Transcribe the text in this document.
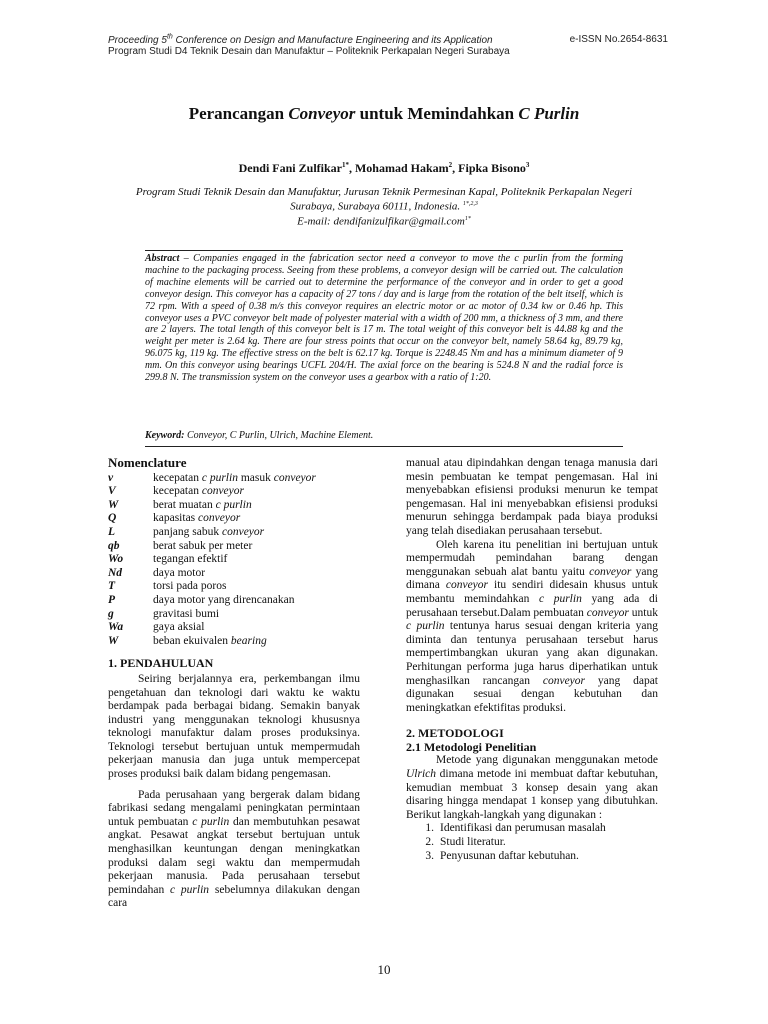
Proceeding 5th Conference on Design and Manufacture Engineering and its Application	e-ISSN No.2654-8631
Program Studi D4 Teknik Desain dan Manufaktur – Politeknik Perkapalan Negeri Surabaya
Perancangan Conveyor untuk Memindahkan C Purlin
Dendi Fani Zulfikar$^{1*}$, Mohamad Hakam$^2$, Fipka Bisono$^3$
Program Studi Teknik Desain dan Manufaktur, Jurusan Teknik Permesinan Kapal, Politeknik Perkapalan Negeri
Surabaya, Surabaya 60111, Indonesia. $^{1*,2,3}$
E-mail: dendifanizulfikar@gmail.com$^{1*}$
Abstract – Companies engaged in the fabrication sector need a conveyor to move the c purlin from the forming machine to the packaging process. Seeing from these problems, a conveyor design will be carried out. The calculation of machine elements will be carried out to determine the performance of the conveyor and in order to get a good conveyor design. This conveyor has a capacity of 27 tons / day and is large from the rotation of the belt itself, which is 72 rpm. With a speed of 0.38 m/s this conveyor requires an electric motor or ac motor of 0.34 kw or 0.46 hp. This conveyor uses a PVC conveyor belt made of polyester material with a width of 200 mm, a thickness of 3 mm, and there are 2 layers. The total length of this conveyor belt is 17 m. The total weight of this conveyor belt is 44.88 kg and the weight per meter is 2.64 kg. There are four stress points that occur on the conveyor belt, namely 58.64 kg, 89.79 kg, 96.075 kg, 119 kg. The effective stress on the belt is 62.17 kg. Torque is 2248.45 Nm and has a minimum diameter of 9 mm. On this conveyor using bearings UCFL 204/H. The axial force on the bearing is 524.8 N and the radial force is 299.8 N. The transmission system on the conveyor uses a gearbox with a ratio of 1:20.
Keyword: Conveyor, C Purlin, Ulrich, Machine Element.
Nomenclature
v	kecepatan c purlin masuk conveyor
V	kecepatan conveyor
W	berat muatan c purlin
Q	kapasitas conveyor
L	panjang sabuk conveyor
qb	berat sabuk per meter
Wo	tegangan efektif
Nd	daya motor
T	torsi pada poros
P	daya motor yang direncanakan
g	gravitasi bumi
Wa	gaya aksial
W	beban ekuivalen bearing
1. PENDAHULUAN

Seiring berjalannya era, perkembangan ilmu pengetahuan dan teknologi dari waktu ke waktu berdampak pada berbagai bidang. Semakin banyak industri yang menggunakan teknologi khususnya teknologi manufaktur dalam proses produksinya. Teknologi tersebut bertujuan untuk mempermudah pekerjaan manusia dan juga untuk mempercepat proses produksi baik dalam bidang pengemasan.

Pada perusahaan yang bergerak dalam bidang fabrikasi sedang mengalami peningkatan permintaan untuk pembuatan c purlin dan membutuhkan pesawat angkat. Pesawat angkat tersebut bertujuan untuk menghasilkan keuntungan dengan meningkatkan produksi dalam segi waktu dan mempermudah pekerjaan manusia. Pada perusahaan tersebut pemindahan c purlin sebelumnya dilakukan dengan cara

manual atau dipindahkan dengan tenaga manusia dari mesin pembuatan ke tempat pengemasan. Hal ini menyebabkan efisiensi produksi menurun ke tempat pengemasan. Hal ini menyebabkan efisiensi produksi menurun sehingga berdampak pada biaya produksi yang telah disediakan perusahaan tersebut.

Oleh karena itu penelitian ini bertujuan untuk mempermudah pemindahan barang dengan menggunakan sebuah alat bantu yaitu conveyor yang dimana conveyor itu sendiri didesain khusus untuk membantu memindahkan c purlin yang ada di perusahaan tersebut.Dalam pembuatan conveyor untuk c purlin tentunya harus sesuai dengan kriteria yang diminta dan tentunya perusahaan tersebut harus mempertimbangkan ukuran yang akan digunakan. Perhitungan performa juga harus diperhatikan untuk menghasilkan rancangan conveyor yang dapat digunakan sesuai dengan kebutuhan dan meningkatkan efektifitas produksi.

2. METODOLOGI
2.1 Metodologi Penelitian

Metode yang digunakan menggunakan metode Ulrich dimana metode ini membuat daftar kebutuhan, kemudian membuat 3 konsep desain yang akan disaring hingga mendapat 1 konsep yang dibutuhkan. Berikut langkah-langkah yang digunakan :

1. Identifikasi dan perumusan masalah
2. Studi literatur.
3. Penyusunan daftar kebutuhan.
10
